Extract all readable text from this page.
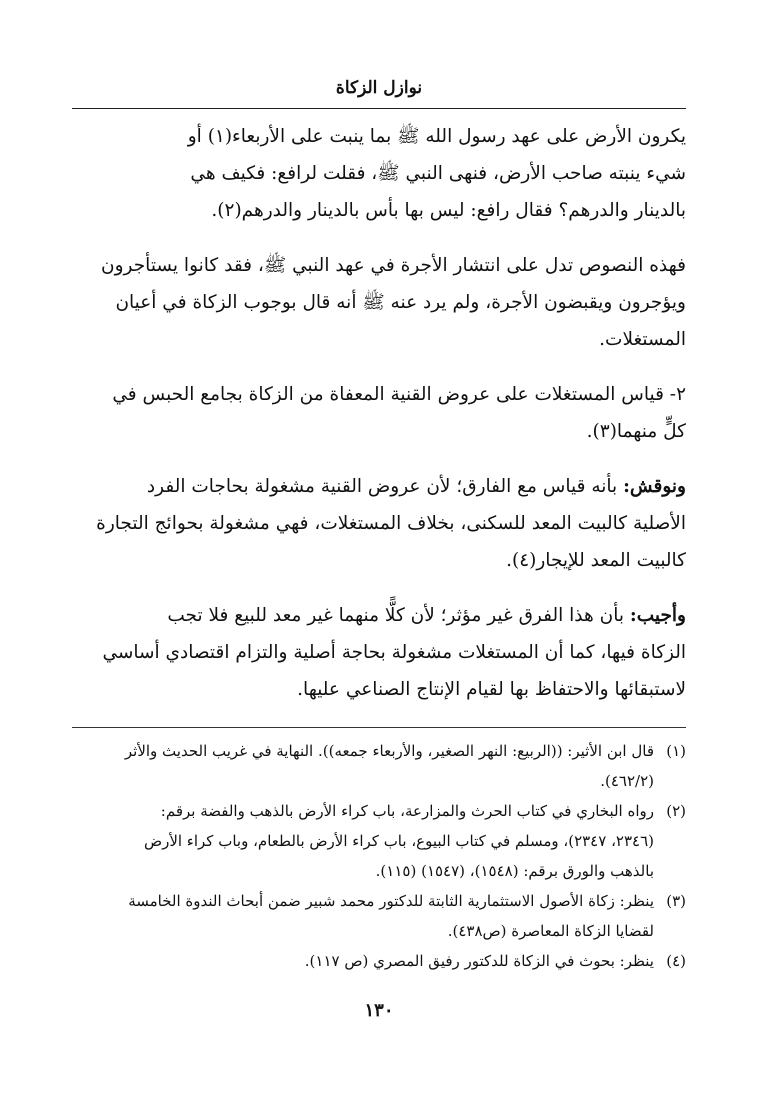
نوازل الزكاة

يكرون الأرض على عهد رسول الله ﷺ بما ينبت على الأربعاء(١) أو

شيء ينبته صاحب الأرض، فنهى النبي ﷺ، فقلت لرافع: فكيف هي

بالدينار والدرهم؟ فقال رافع: ليس بها بأس بالدينار والدرهم(٢).

فهذه النصوص تدل على انتشار الأجرة في عهد النبي ﷺ، فقد كانوا يستأجرون

ويؤجرون ويقبضون الأجرة، ولم يرد عنه ﷺ أنه قال بوجوب الزكاة في أعيان

المستغلات.

٢- قياس المستغلات على عروض القنية المعفاة من الزكاة بجامع الحبس في

كلٍّ منهما(٣).

ونوقش: بأنه قياس مع الفارق؛ لأن عروض القنية مشغولة بحاجات الفرد

الأصلية كالبيت المعد للسكنى، بخلاف المستغلات، فهي مشغولة بحوائج التجارة

كالبيت المعد للإيجار(٤).

وأجيب: بأن هذا الفرق غير مؤثر؛ لأن كلًّا منهما غير معد للبيع فلا تجب

الزكاة فيها، كما أن المستغلات مشغولة بحاجة أصلية والتزام اقتصادي أساسي

لاستبقائها والاحتفاظ بها لقيام الإنتاج الصناعي عليها.

(١)
قال ابن الأثير: ((الربيع: النهر الصغير، والأربعاء جمعه)). النهاية في غريب الحديث والأثر
(٤٦٢/٢).
(٢)
رواه البخاري في كتاب الحرث والمزارعة، باب كراء الأرض بالذهب والفضة برقم:
(٢٣٤٦، ٢٣٤٧)، ومسلم في كتاب البيوع، باب كراء الأرض بالطعام، وباب كراء الأرض
بالذهب والورق برقم: (١٥٤٨)، (١٥٤٧) (١١٥).
(٣)
ينظر: زكاة الأصول الاستثمارية الثابتة للدكتور محمد شبير ضمن أبحاث الندوة الخامسة
لقضايا الزكاة المعاصرة (ص٤٣٨).
(٤)
ينظر: بحوث في الزكاة للدكتور رفيق المصري (ص ١١٧).
١٣٠
